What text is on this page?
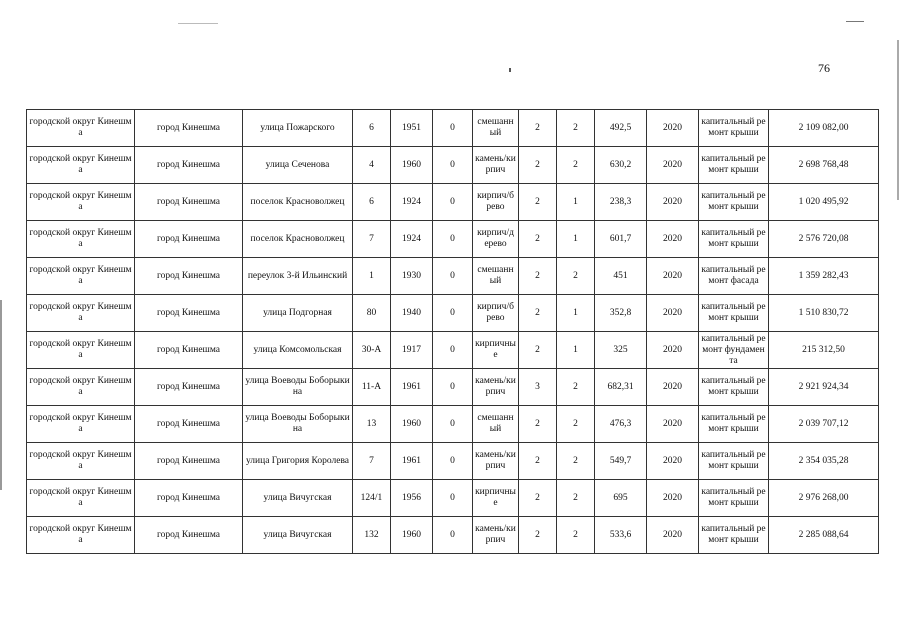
76
городской округ Кинешма	город Кинешма	улица Пожарского	6	1951	0	смешанный	2	2	492,5	2020	капитальный ремонт крыши	2 109 082,00
городской округ Кинешма	город Кинешма	улица Сеченова	4	1960	0	камень/кирпич	2	2	630,2	2020	капитальный ремонт крыши	2 698 768,48
городской округ Кинешма	город Кинешма	поселок Красноволжец	6	1924	0	кирпич/брево	2	1	238,3	2020	капитальный ремонт крыши	1 020 495,92
городской округ Кинешма	город Кинешма	поселок Красноволжец	7	1924	0	кирпич/дерево	2	1	601,7	2020	капитальный ремонт крыши	2 576 720,08
городской округ Кинешма	город Кинешма	переулок 3-й Ильинский	1	1930	0	смешанный	2	2	451	2020	капитальный ремонт фасада	1 359 282,43
городской округ Кинешма	город Кинешма	улица Подгорная	80	1940	0	кирпич/брево	2	1	352,8	2020	капитальный ремонт крыши	1 510 830,72
городской округ Кинешма	город Кинешма	улица Комсомольская	30-А	1917	0	кирпичные	2	1	325	2020	капитальный ремонт фундамента	215 312,50
городской округ Кинешма	город Кинешма	улица Воеводы Боборыкина	11-А	1961	0	камень/кирпич	3	2	682,31	2020	капитальный ремонт крыши	2 921 924,34
городской округ Кинешма	город Кинешма	улица Воеводы Боборыкина	13	1960	0	смешанный	2	2	476,3	2020	капитальный ремонт крыши	2 039 707,12
городской округ Кинешма	город Кинешма	улица Григория Королева	7	1961	0	камень/кирпич	2	2	549,7	2020	капитальный ремонт крыши	2 354 035,28
городской округ Кинешма	город Кинешма	улица Вичугская	124/1	1956	0	кирпичные	2	2	695	2020	капитальный ремонт крыши	2 976 268,00
городской округ Кинешма	город Кинешма	улица Вичугская	132	1960	0	камень/кирпич	2	2	533,6	2020	капитальный ремонт крыши	2 285 088,64
